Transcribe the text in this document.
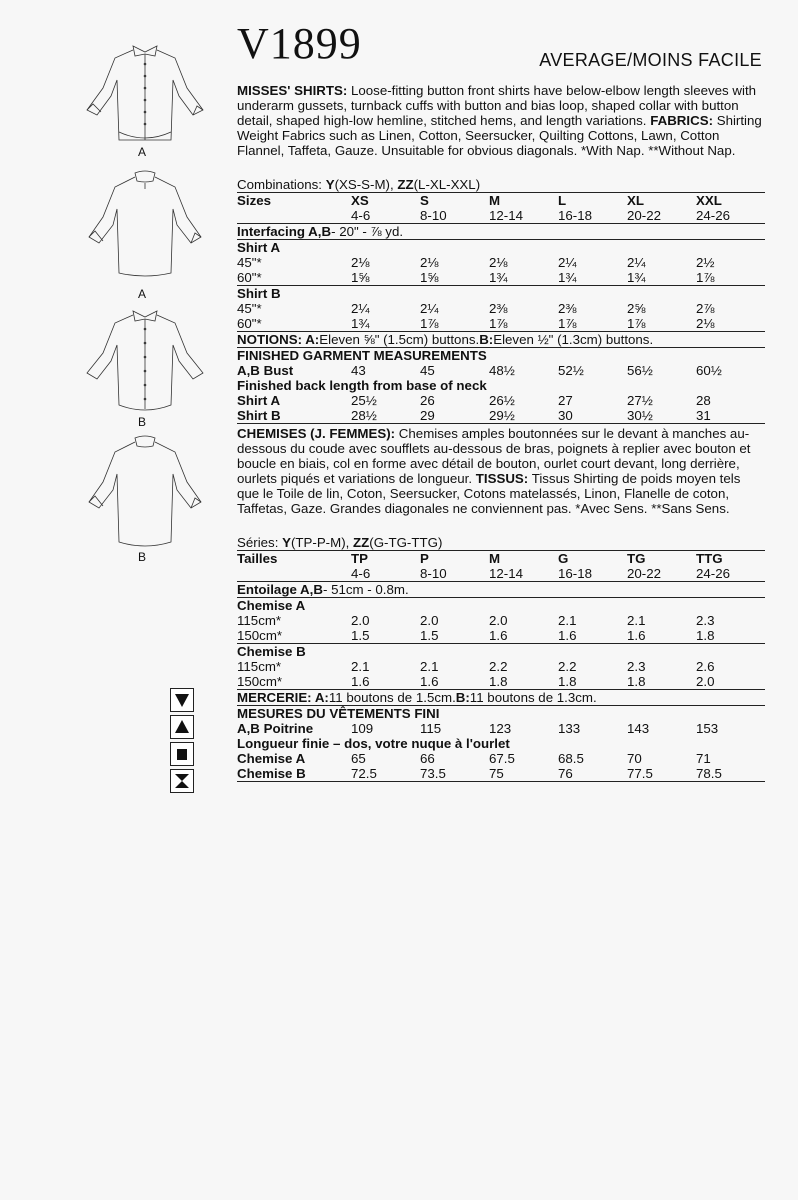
V1899	AVERAGE/MOINS FACILE
A
A
B
B

MISSES' SHIRTS: Loose-fitting button front shirts have below-elbow length sleeves with underarm gussets, turnback cuffs with button and bias loop, shaped collar with button detail, shaped high-low hemline, stitched hems, and length variations. FABRICS: Shirting Weight Fabrics such as Linen, Cotton, Seersucker, Quilting Cottons, Lawn, Cotton Flannel, Taffeta, Gauze. Unsuitable for obvious diagonals. *With Nap. **Without Nap.

Combinations: Y(XS-S-M), ZZ(L-XL-XXL)
Sizes	XS	S	M	L	XL	XXL
4-6	8-10	12-14	16-18	20-22	24-26
Interfacing A,B - 20" - ⅞ yd.
Shirt A
45"*	2⅛	2⅛	2⅛	2¼	2¼	2½
60"*	1⅝	1⅝	1¾	1¾	1¾	1⅞
Shirt B
45"*	2¼	2¼	2⅜	2⅜	2⅝	2⅞
60"*	1¾	1⅞	1⅞	1⅞	1⅞	2⅛
NOTIONS: A: Eleven ⅝" (1.5cm) buttons. B: Eleven ½" (1.3cm) buttons.
FINISHED GARMENT MEASUREMENTS
A,B Bust	43	45	48½	52½	56½	60½
Finished back length from base of neck
Shirt A	25½	26	26½	27	27½	28
Shirt B	28½	29	29½	30	30½	31

CHEMISES (J. FEMMES): Chemises amples boutonnées sur le devant à manches au-dessous du coude avec soufflets au-dessous de bras, poignets à replier avec bouton et boucle en biais, col en forme avec détail de bouton, ourlet court devant, long derrière, ourlets piqués et variations de longueur. TISSUS: Tissus Shirting de poids moyen tels que le Toile de lin, Coton, Seersucker, Cotons matelassés, Linon, Flanelle de coton, Taffetas, Gaze. Grandes diagonales ne conviennent pas. *Avec Sens. **Sans Sens.

Séries: Y(TP-P-M), ZZ(G-TG-TTG)
Tailles	TP	P	M	G	TG	TTG
4-6	8-10	12-14	16-18	20-22	24-26
Entoilage A,B - 51cm - 0.8m.
Chemise A
115cm*	2.0	2.0	2.0	2.1	2.1	2.3
150cm*	1.5	1.5	1.6	1.6	1.6	1.8
Chemise B
115cm*	2.1	2.1	2.2	2.2	2.3	2.6
150cm*	1.6	1.6	1.8	1.8	1.8	2.0
MERCERIE: A: 11 boutons de 1.5cm. B: 11 boutons de 1.3cm.
MESURES DU VÊTEMENTS FINI
A,B Poitrine	109	115	123	133	143	153
Longueur finie – dos, votre nuque à l'ourlet
Chemise A	65	66	67.5	68.5	70	71
Chemise B	72.5	73.5	75	76	77.5	78.5
